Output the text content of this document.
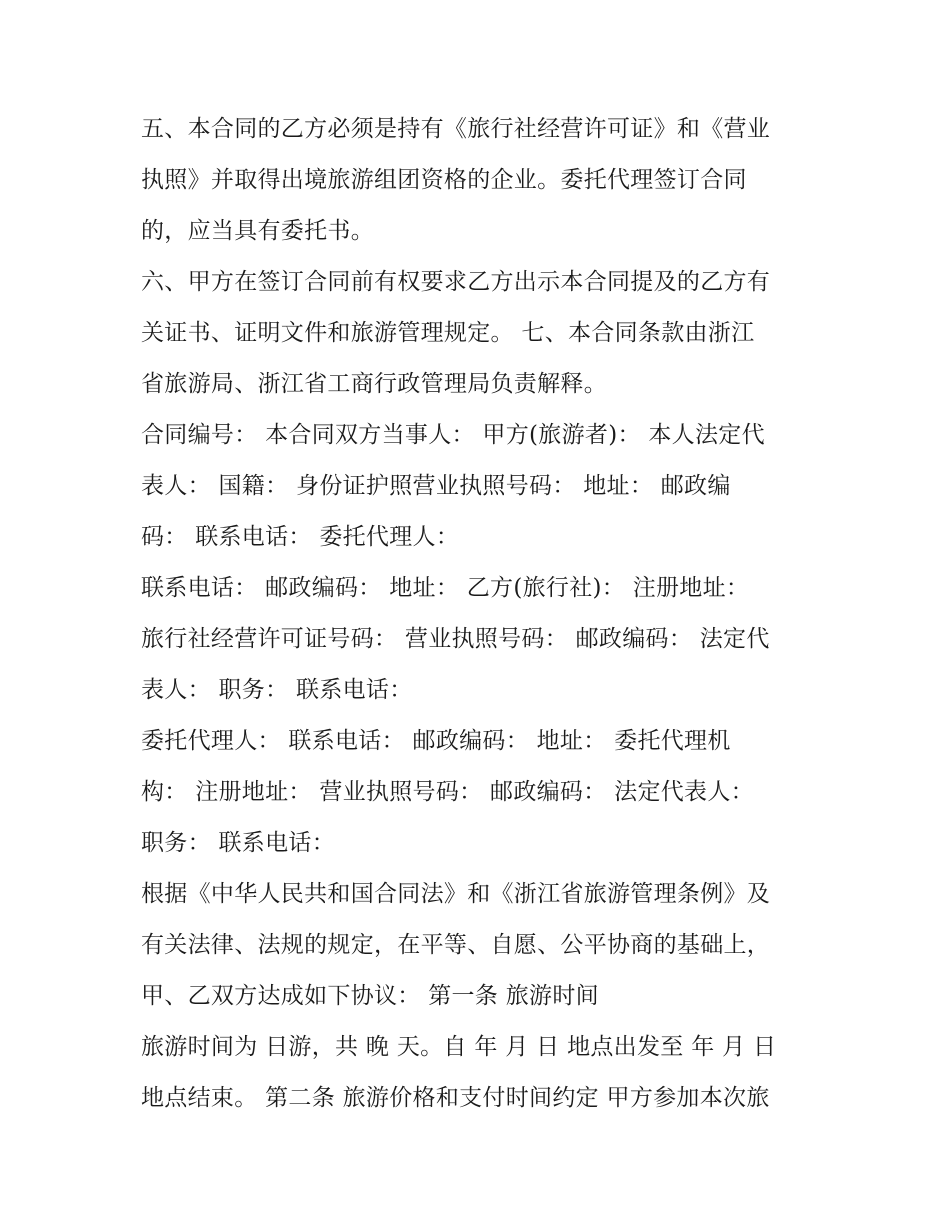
五、本合同的乙方必须是持有《旅行社经营许可证》和《营业
执照》并取得出境旅游组团资格的企业。委托代理签订合同
的，应当具有委托书。
六、甲方在签订合同前有权要求乙方出示本合同提及的乙方有
关证书、证明文件和旅游管理规定。 七、本合同条款由浙江
省旅游局、浙江省工商行政管理局负责解释。
合同编号： 本合同双方当事人： 甲方(旅游者)： 本人法定代
表人： 国籍： 身份证护照营业执照号码： 地址： 邮政编
码： 联系电话： 委托代理人：
联系电话： 邮政编码： 地址： 乙方(旅行社)： 注册地址：
旅行社经营许可证号码： 营业执照号码： 邮政编码： 法定代
表人： 职务： 联系电话：
委托代理人： 联系电话： 邮政编码： 地址： 委托代理机
构： 注册地址： 营业执照号码： 邮政编码： 法定代表人：
职务： 联系电话：
根据《中华人民共和国合同法》和《浙江省旅游管理条例》及
有关法律、法规的规定，在平等、自愿、公平协商的基础上，
甲、乙双方达成如下协议： 第一条 旅游时间
旅游时间为 日游，共 晚 天。自 年 月 日 地点出发至 年 月 日
地点结束。 第二条 旅游价格和支付时间约定 甲方参加本次旅
